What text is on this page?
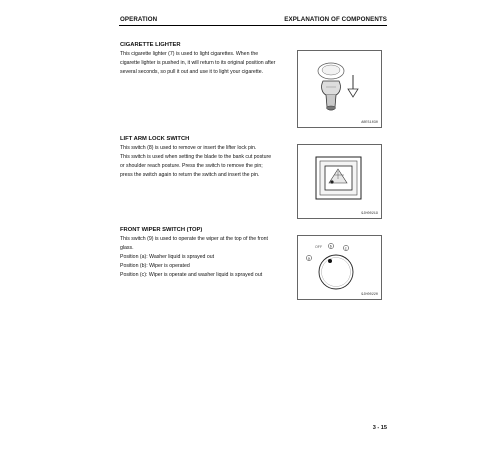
OPERATION	EXPLANATION OF COMPONENTS
CIGARETTE LIGHTER
This cigarette lighter (7) is used to light cigarettes. When the
cigarette lighter is pushed in, it will return to its original position after
several seconds, so pull it out and use it to light your cigarette.
A0E51030
LIFT ARM LOCK SWITCH
This switch (8) is used to remove or insert the lifter lock pin.
This switch is used when setting the blade to the bank cut posture
or shoulder reach posture. Press the switch to remove the pin;
press the switch again to return the switch and insert the pin.
9JH00219
FRONT WIPER SWITCH (TOP)
This switch (9) is used to operate the wiper at the top of the front
glass.
Position (a): Washer liquid is sprayed out
Position (b): Wiper is operated
Position (c): Wiper is operate and washer liquid is sprayed out
OFF b	c
a
9JH00220
3 - 15
